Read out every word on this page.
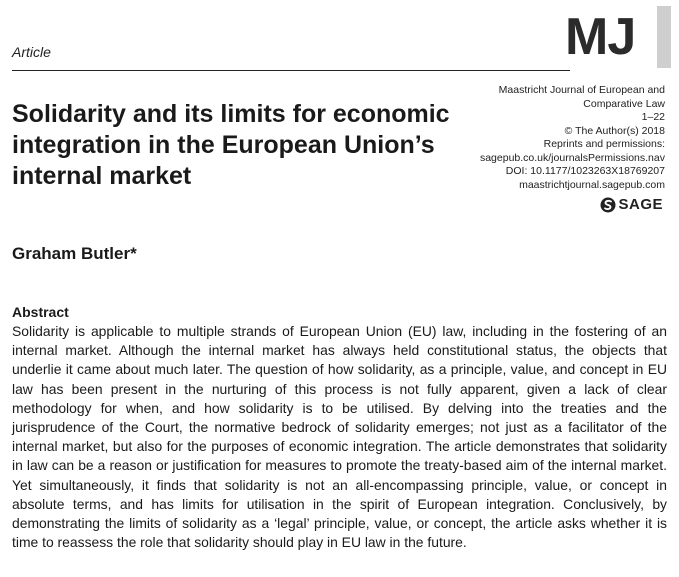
Article	MJ
Solidarity and its limits for economic integration in the European Union’s internal market
Maastricht Journal of European and
Comparative Law
1–22
© The Author(s) 2018
Reprints and permissions:
sagepub.co.uk/journalsPermissions.nav
DOI: 10.1177/1023263X18769207
maastrichtjournal.sagepub.com
SAGE
Graham Butler*
Abstract

Solidarity is applicable to multiple strands of European Union (EU) law, including in the fostering of an internal market. Although the internal market has always held constitutional status, the objects that underlie it came about much later. The question of how solidarity, as a principle, value, and concept in EU law has been present in the nurturing of this process is not fully apparent, given a lack of clear methodology for when, and how solidarity is to be utilised. By delving into the treaties and the jurisprudence of the Court, the normative bedrock of solidarity emerges; not just as a facilitator of the internal market, but also for the purposes of economic integration. The article demonstrates that solidarity in law can be a reason or justification for measures to promote the treaty-based aim of the internal market. Yet simultaneously, it finds that solidarity is not an all-encompassing principle, value, or concept in absolute terms, and has limits for utilisation in the spirit of European integration. Conclusively, by demonstrating the limits of solidarity as a ‘legal’ principle, value, or concept, the article asks whether it is time to reassess the role that solidarity should play in EU law in the future.
